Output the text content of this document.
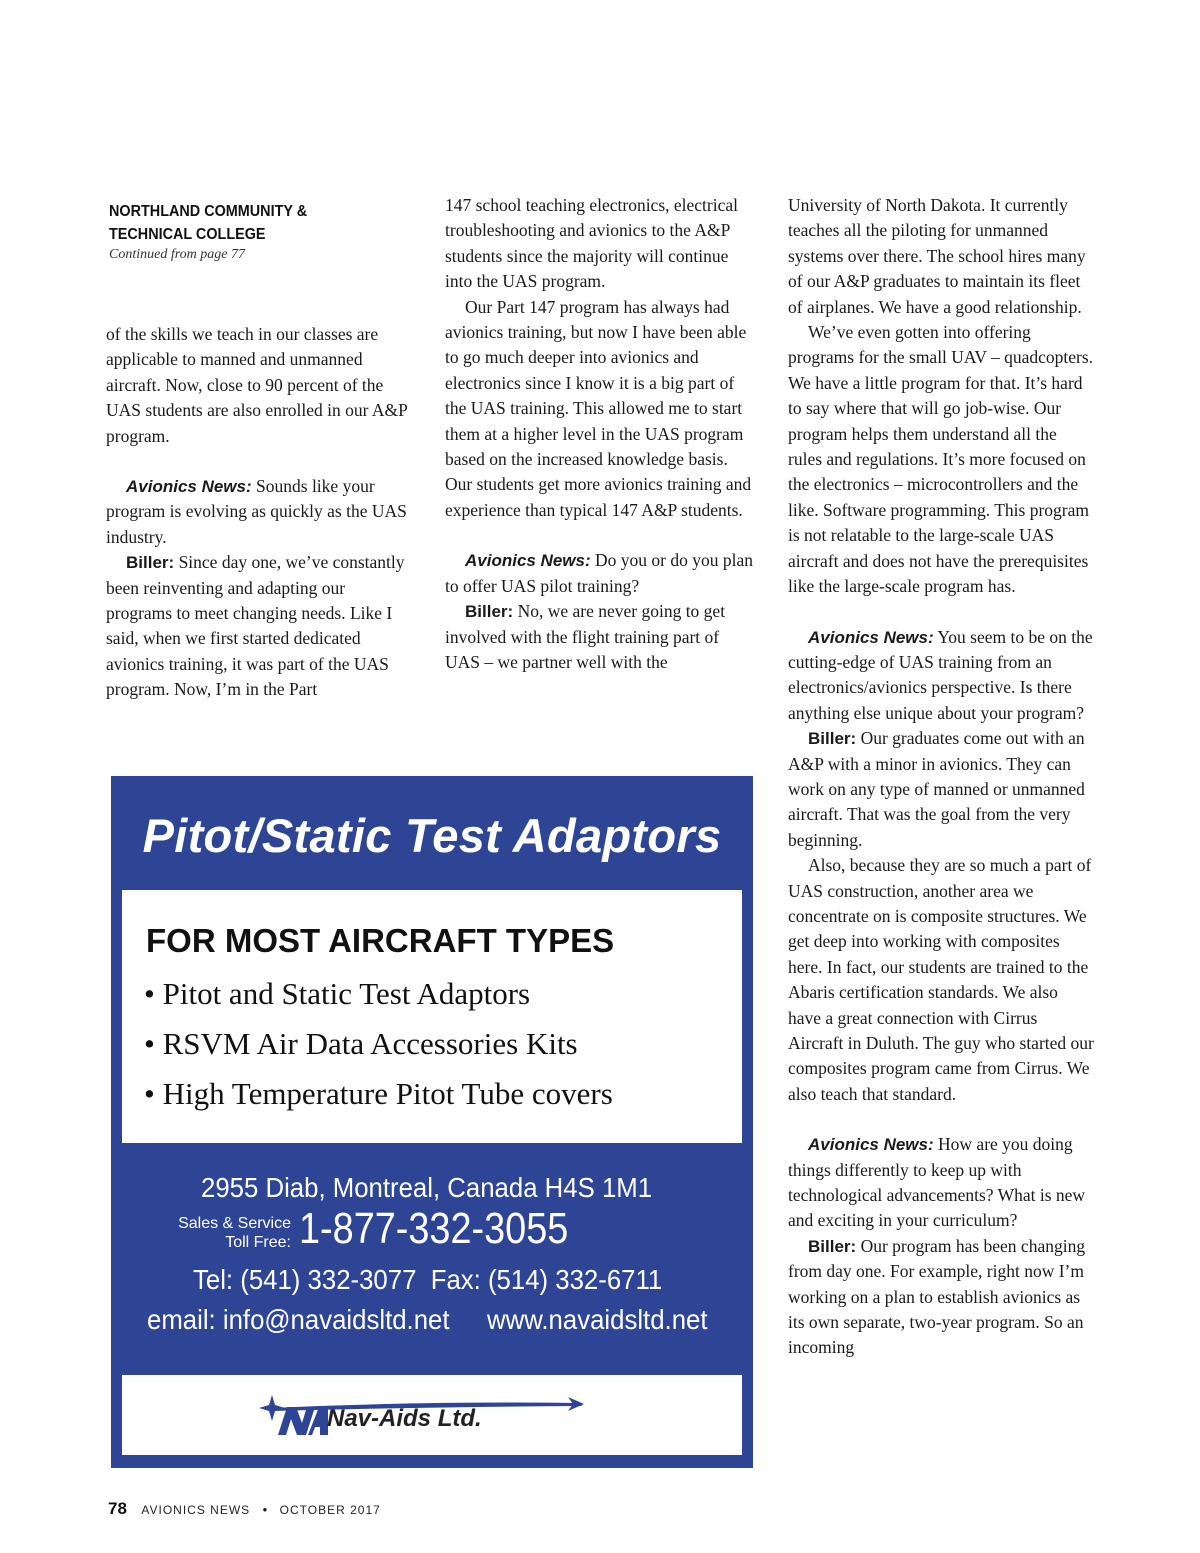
NORTHLAND COMMUNITY &
TECHNICAL COLLEGE
Continued from page 77

of the skills we teach in our classes are applicable to manned and unmanned aircraft. Now, close to 90 percent of the UAS students are also enrolled in our A&P program.

Avionics News: Sounds like your program is evolving as quickly as the UAS industry.

Biller: Since day one, we’ve constantly been reinventing and adapting our programs to meet changing needs. Like I said, when we first started dedicated avionics training, it was part of the UAS program. Now, I’m in the Part

147 school teaching electronics, electrical troubleshooting and avionics to the A&P students since the majority will continue into the UAS program.

Our Part 147 program has always had avionics training, but now I have been able to go much deeper into avionics and electronics since I know it is a big part of the UAS training. This allowed me to start them at a higher level in the UAS program based on the increased knowledge basis. Our students get more avionics training and experience than typical 147 A&P students.

Avionics News: Do you or do you plan to offer UAS pilot training?

Biller: No, we are never going to get involved with the flight training part of UAS – we partner well with the

University of North Dakota. It currently teaches all the piloting for unmanned systems over there. The school hires many of our A&P graduates to maintain its fleet of airplanes. We have a good relationship.

We’ve even gotten into offering programs for the small UAV – quadcopters. We have a little program for that. It’s hard to say where that will go job-wise. Our program helps them understand all the rules and regulations. It’s more focused on the electronics – microcontrollers and the like. Software programming. This program is not relatable to the large-scale UAS aircraft and does not have the prerequisites like the large-scale program has.

Avionics News: You seem to be on the cutting-edge of UAS training from an electronics/avionics perspective. Is there anything else unique about your program?

Biller: Our graduates come out with an A&P with a minor in avionics. They can work on any type of manned or unmanned aircraft. That was the goal from the very beginning.

Also, because they are so much a part of UAS construction, another area we concentrate on is composite structures. We get deep into working with composites here. In fact, our students are trained to the Abaris certification standards. We also have a great connection with Cirrus Aircraft in Duluth. The guy who started our composites program came from Cirrus. We also teach that standard.

Avionics News: How are you doing things differently to keep up with technological advancements? What is new and exciting in your curriculum?

Biller: Our program has been changing from day one. For example, right now I’m working on a plan to establish avionics as its own separate, two-year program. So an incoming

Pitot/Static Test Adaptors
FOR MOST AIRCRAFT TYPES
• Pitot and Static Test Adaptors
• RSVM Air Data Accessories Kits
• High Temperature Pitot Tube covers
2955 Diab, Montreal, Canada H4S 1M1
Sales & Service
Toll Free: 1-877-332-3055
Tel: (541) 332-3077  Fax: (514) 332-6711
email: info@navaidsltd.net www.navaidsltd.net
Nav-Aids Ltd.
78 AVIONICS NEWS • OCTOBER 2017
